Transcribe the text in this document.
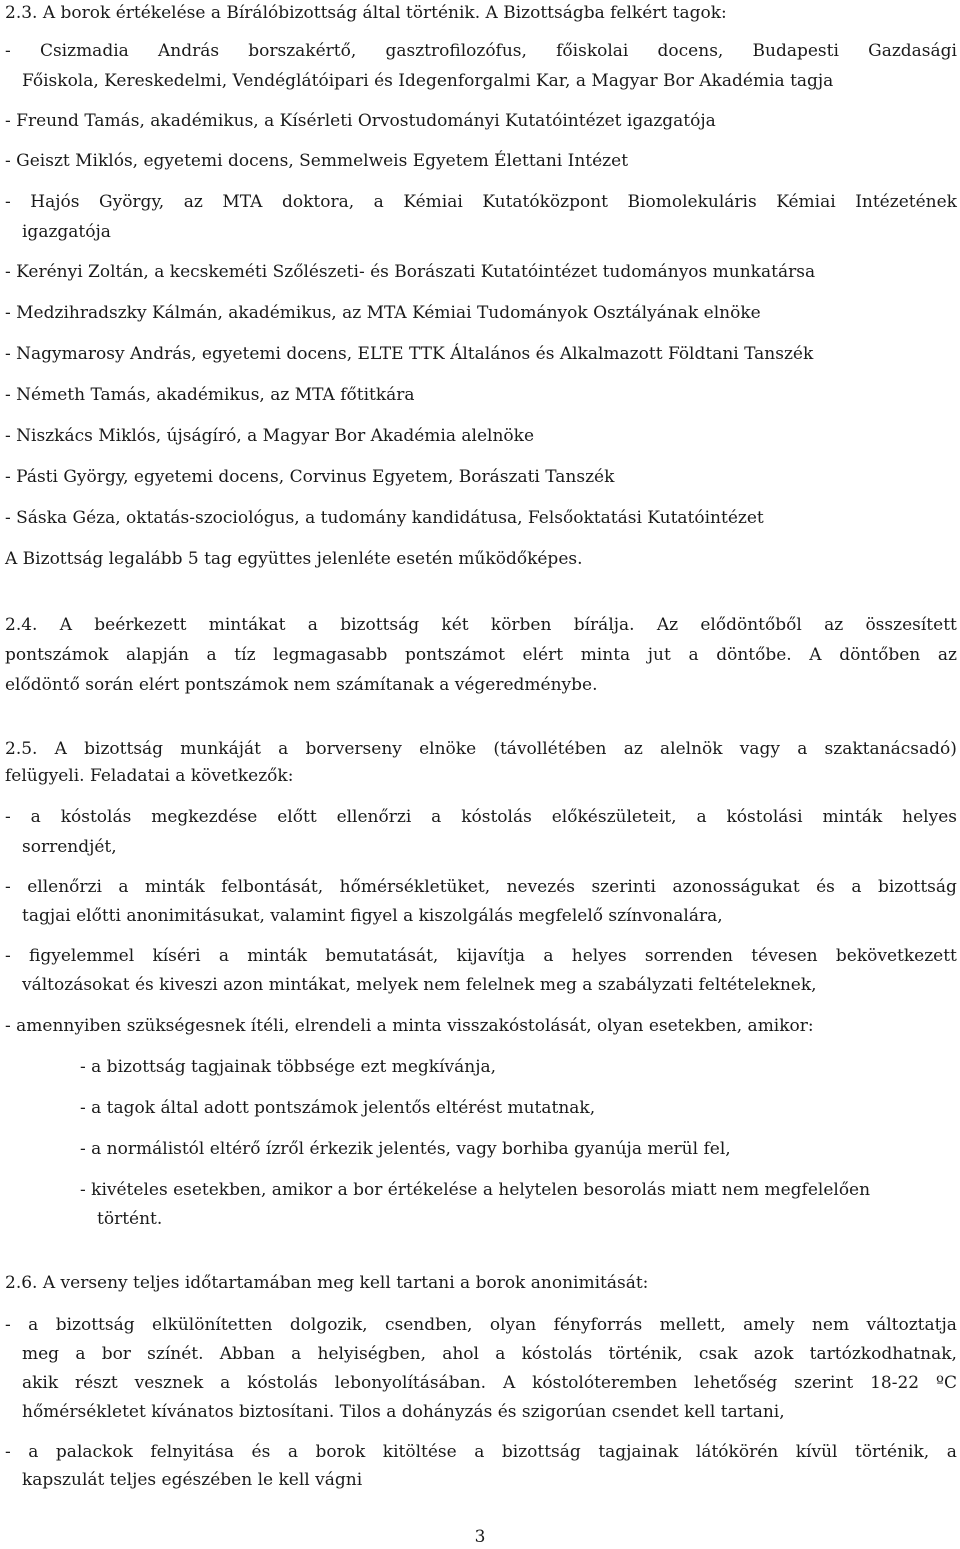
2.3. A borok értékelése a Bírálóbizottság által történik. A Bizottságba felkért tagok:
- Csizmadia András borszakértő, gasztrofilozófus, főiskolai docens, Budapesti Gazdasági
Főiskola, Kereskedelmi, Vendéglátóipari és Idegenforgalmi Kar, a Magyar Bor Akadémia tagja
- Freund Tamás, akadémikus, a Kísérleti Orvostudományi Kutatóintézet igazgatója
- Geiszt Miklós, egyetemi docens, Semmelweis Egyetem Élettani Intézet
- Hajós György, az MTA doktora, a Kémiai Kutatóközpont Biomolekuláris Kémiai Intézetének
igazgatója
- Kerényi Zoltán, a kecskeméti Szőlészeti- és Borászati Kutatóintézet tudományos munkatársa
- Medzihradszky Kálmán, akadémikus, az MTA Kémiai Tudományok Osztályának elnöke
- Nagymarosy András, egyetemi docens, ELTE TTK Általános és Alkalmazott Földtani Tanszék
- Németh Tamás, akadémikus, az MTA főtitkára
- Niszkács Miklós, újságíró, a Magyar Bor Akadémia alelnöke
- Pásti György, egyetemi docens, Corvinus Egyetem, Borászati Tanszék
- Sáska Géza, oktatás-szociológus, a tudomány kandidátusa, Felsőoktatási Kutatóintézet
A Bizottság legalább 5 tag együttes jelenléte esetén működőképes.
2.4. A beérkezett mintákat a bizottság két körben bírálja. Az elődöntőből az összesített
pontszámok alapján a tíz legmagasabb pontszámot elért minta jut a döntőbe. A döntőben az
elődöntő során elért pontszámok nem számítanak a végeredménybe.
2.5. A bizottság munkáját a borverseny elnöke (távollétében az alelnök vagy a szaktanácsadó)
felügyeli. Feladatai a következők:
- a kóstolás megkezdése előtt ellenőrzi a kóstolás előkészületeit, a kóstolási minták helyes
sorrendjét,
- ellenőrzi a minták felbontását, hőmérsékletüket, nevezés szerinti azonosságukat és a bizottság
tagjai előtti anonimitásukat, valamint figyel a kiszolgálás megfelelő színvonalára,
- figyelemmel kíséri a minták bemutatását, kijavítja a helyes sorrenden tévesen bekövetkezett
változásokat és kiveszi azon mintákat, melyek nem felelnek meg a szabályzati feltételeknek,
- amennyiben szükségesnek ítéli, elrendeli a minta visszakóstolását, olyan esetekben, amikor:
- a bizottság tagjainak többsége ezt megkívánja,
- a tagok által adott pontszámok jelentős eltérést mutatnak,
- a normálistól eltérő ízről érkezik jelentés, vagy borhiba gyanúja merül fel,
- kivételes esetekben, amikor a bor értékelése a helytelen besorolás miatt nem megfelelően
történt.
2.6. A verseny teljes időtartamában meg kell tartani a borok anonimitását:
- a bizottság elkülönítetten dolgozik, csendben, olyan fényforrás mellett, amely nem változtatja
meg a bor színét. Abban a helyiségben, ahol a kóstolás történik, csak azok tartózkodhatnak,
akik részt vesznek a kóstolás lebonyolításában. A kóstolóteremben lehetőség szerint 18-22 ºC
hőmérsékletet kívánatos biztosítani. Tilos a dohányzás és szigorúan csendet kell tartani,
- a palackok felnyitása és a borok kitöltése a bizottság tagjainak látókörén kívül történik, a
kapszulát teljes egészében le kell vágni
3
